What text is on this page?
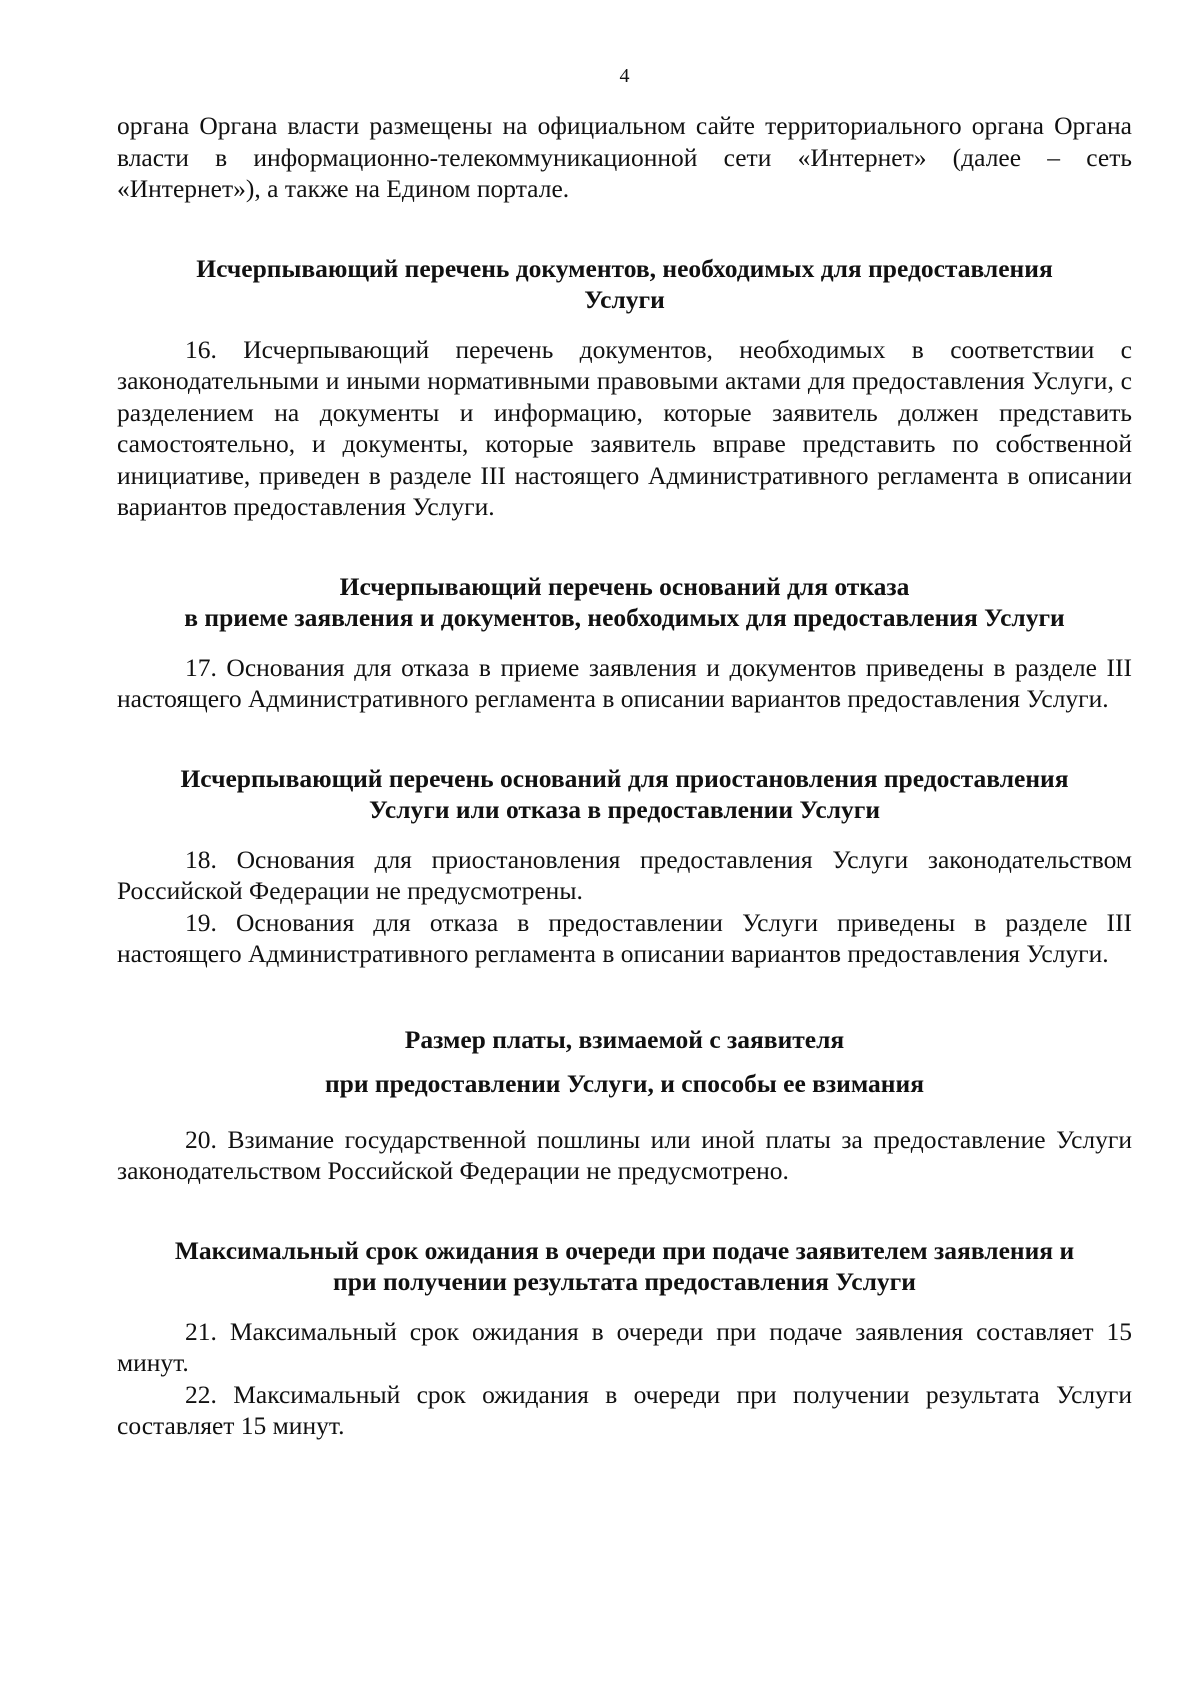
4

органа Органа власти размещены на официальном сайте территориального органа Органа власти в информационно-телекоммуникационной сети «Интернет» (далее – сеть «Интернет»), а также на Едином портале.

Исчерпывающий перечень документов, необходимых для предоставления
Услуги

16. Исчерпывающий перечень документов, необходимых в соответствии с законодательными и иными нормативными правовыми актами для предоставления Услуги, с разделением на документы и информацию, которые заявитель должен представить самостоятельно, и документы, которые заявитель вправе представить по собственной инициативе, приведен в разделе III настоящего Административного регламента в описании вариантов предоставления Услуги.

Исчерпывающий перечень оснований для отказа
в приеме заявления и документов, необходимых для предоставления Услуги

17. Основания для отказа в приеме заявления и документов приведены в разделе III настоящего Административного регламента в описании вариантов предоставления Услуги.

Исчерпывающий перечень оснований для приостановления предоставления
Услуги или отказа в предоставлении Услуги

18. Основания для приостановления предоставления Услуги законодательством Российской Федерации не предусмотрены.

19. Основания для отказа в предоставлении Услуги приведены в разделе III настоящего Административного регламента в описании вариантов предоставления Услуги.

Размер платы, взимаемой с заявителя
при предоставлении Услуги, и способы ее взимания

20. Взимание государственной пошлины или иной платы за предоставление Услуги законодательством Российской Федерации не предусмотрено.

Максимальный срок ожидания в очереди при подаче заявителем заявления и
при получении результата предоставления Услуги

21. Максимальный срок ожидания в очереди при подаче заявления составляет 15 минут.

22. Максимальный срок ожидания в очереди при получении результата Услуги составляет 15 минут.
